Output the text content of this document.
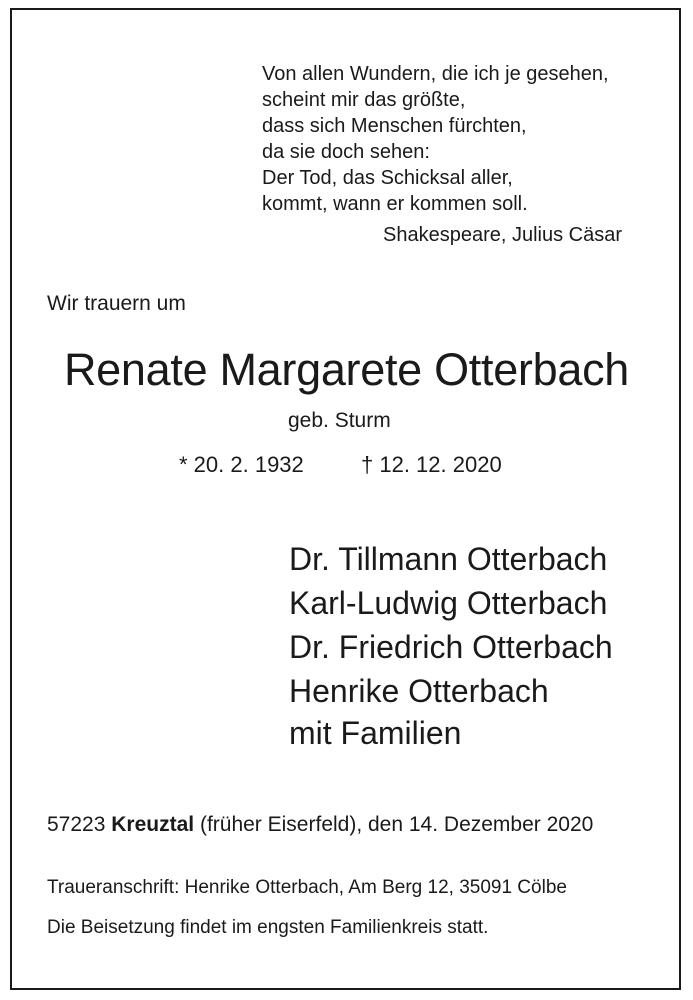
Von allen Wundern, die ich je gesehen,
scheint mir das größte,
dass sich Menschen fürchten,
da sie doch sehen:
Der Tod, das Schicksal aller,
kommt, wann er kommen soll.
Shakespeare, Julius Cäsar
Wir trauern um
Renate Margarete Otterbach
geb. Sturm
* 20. 2. 1932	† 12. 12. 2020
Dr. Tillmann Otterbach
Karl-Ludwig Otterbach
Dr. Friedrich Otterbach
Henrike Otterbach
mit Familien
57223 Kreuztal (früher Eiserfeld), den 14. Dezember 2020
Traueranschrift: Henrike Otterbach, Am Berg 12, 35091 Cölbe
Die Beisetzung findet im engsten Familienkreis statt.
